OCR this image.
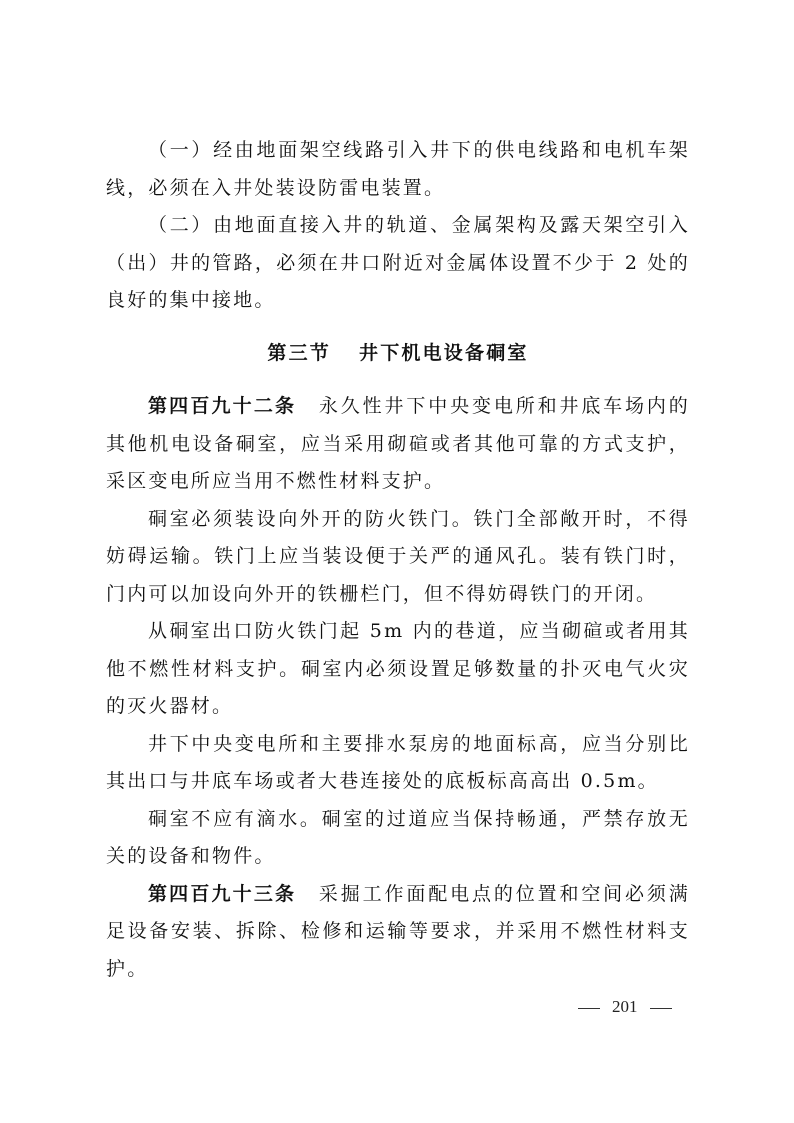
（一）经由地面架空线路引入井下的供电线路和电机车架线，必须在入井处装设防雷电装置。

（二）由地面直接入井的轨道、金属架构及露天架空引入（出）井的管路，必须在井口附近对金属体设置不少于 2 处的良好的集中接地。

第三节 井下机电设备硐室

第四百九十二条 永久性井下中央变电所和井底车场内的其他机电设备硐室，应当采用砌碹或者其他可靠的方式支护，采区变电所应当用不燃性材料支护。

硐室必须装设向外开的防火铁门。铁门全部敞开时，不得妨碍运输。铁门上应当装设便于关严的通风孔。装有铁门时，门内可以加设向外开的铁栅栏门，但不得妨碍铁门的开闭。

从硐室出口防火铁门起 5m 内的巷道，应当砌碹或者用其他不燃性材料支护。硐室内必须设置足够数量的扑灭电气火灾的灭火器材。

井下中央变电所和主要排水泵房的地面标高，应当分别比其出口与井底车场或者大巷连接处的底板标高高出 0.5m。

硐室不应有滴水。硐室的过道应当保持畅通，严禁存放无关的设备和物件。

第四百九十三条 采掘工作面配电点的位置和空间必须满足设备安装、拆除、检修和运输等要求，并采用不燃性材料支护。

201
